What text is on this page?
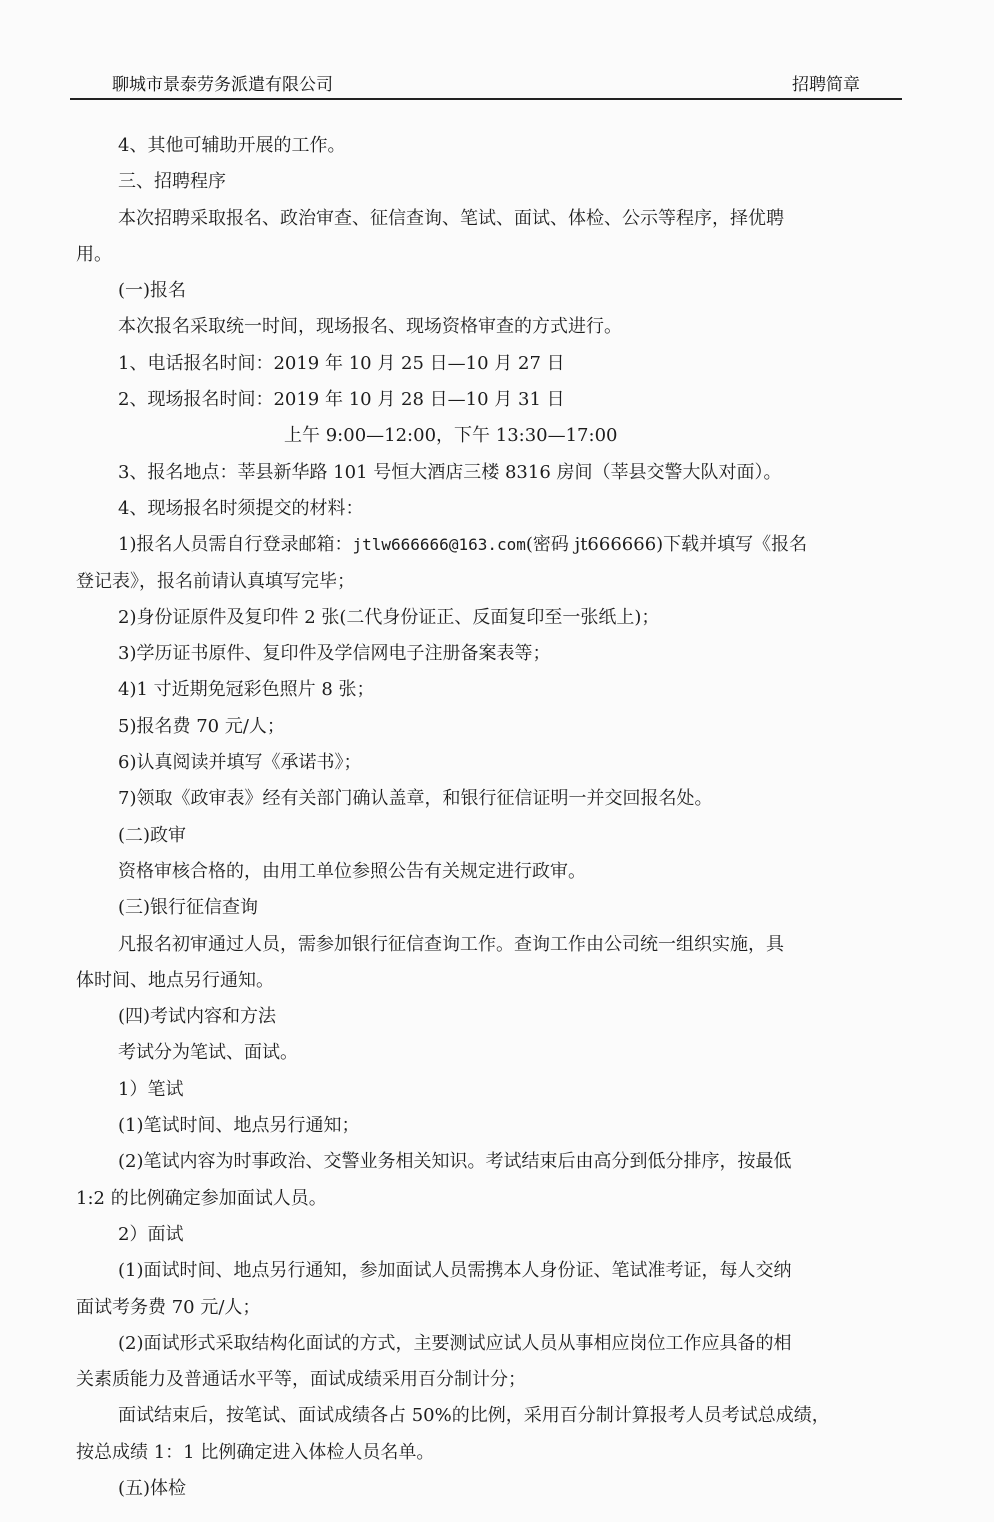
聊城市景泰劳务派遣有限公司	招聘简章

4、其他可辅助开展的工作。

三、招聘程序

本次招聘采取报名、政治审查、征信查询、笔试、面试、体检、公示等程序，择优聘

用。

(一)报名

本次报名采取统一时间，现场报名、现场资格审查的方式进行。

1、电话报名时间：2019 年 10 月 25 日—10 月 27 日

2、现场报名时间：2019 年 10 月 28 日—10 月 31 日

上午 9:00—12:00，下午 13:30—17:00

3、报名地点：莘县新华路 101 号恒大酒店三楼 8316 房间（莘县交警大队对面）。

4、现场报名时须提交的材料：

1)报名人员需自行登录邮箱：jtlw666666@163.com(密码 jt666666)下载并填写《报名

登记表》，报名前请认真填写完毕；

2)身份证原件及复印件 2 张(二代身份证正、反面复印至一张纸上)；

3)学历证书原件、复印件及学信网电子注册备案表等；

4)1 寸近期免冠彩色照片 8 张；

5)报名费 70 元/人；

6)认真阅读并填写《承诺书》；

7)领取《政审表》经有关部门确认盖章，和银行征信证明一并交回报名处。

(二)政审

资格审核合格的，由用工单位参照公告有关规定进行政审。

(三)银行征信查询

凡报名初审通过人员，需参加银行征信查询工作。查询工作由公司统一组织实施，具

体时间、地点另行通知。

(四)考试内容和方法

考试分为笔试、面试。

1）笔试

(1)笔试时间、地点另行通知；

(2)笔试内容为时事政治、交警业务相关知识。考试结束后由高分到低分排序，按最低

1:2 的比例确定参加面试人员。

2）面试

(1)面试时间、地点另行通知，参加面试人员需携本人身份证、笔试准考证，每人交纳

面试考务费 70 元/人；

(2)面试形式采取结构化面试的方式，主要测试应试人员从事相应岗位工作应具备的相

关素质能力及普通话水平等，面试成绩采用百分制计分；

面试结束后，按笔试、面试成绩各占 50%的比例，采用百分制计算报考人员考试总成绩，

按总成绩 1：1 比例确定进入体检人员名单。

(五)体检
